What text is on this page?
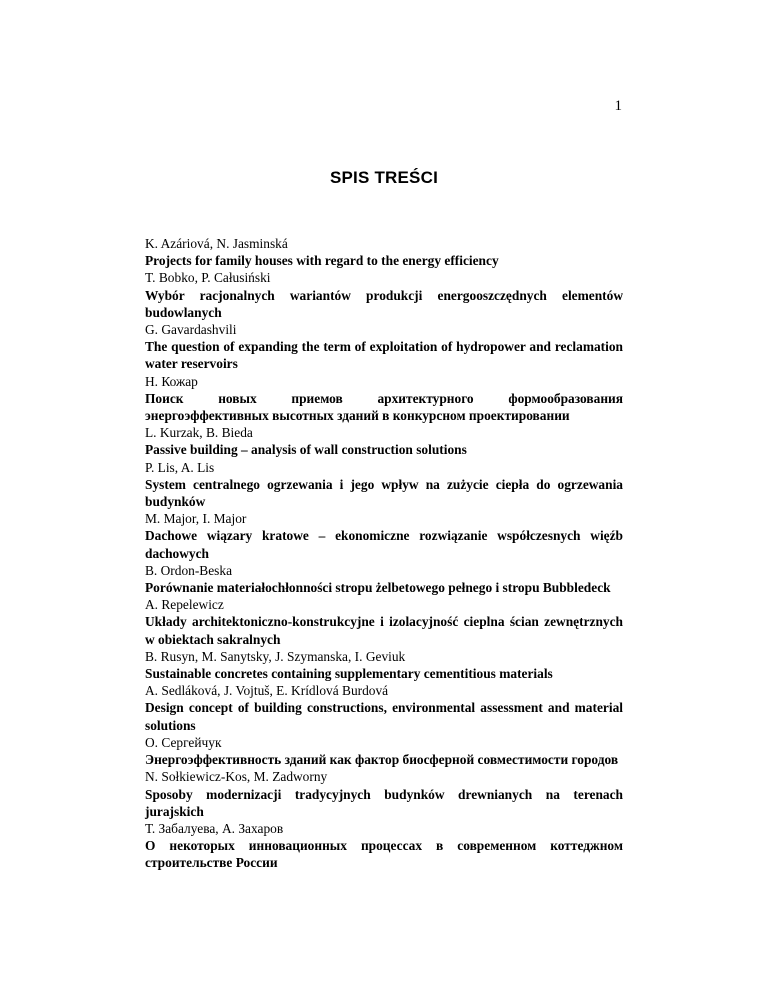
1
SPIS TREŚCI
K. Azáriová, N. Jasminská
Projects for family houses with regard to the energy efficiency
T. Bobko, P. Całusiński
Wybór racjonalnych wariantów produkcji energooszczędnych elementów budowlanych
G. Gavardashvili
The question of expanding the term of exploitation of hydropower and reclamation water reservoirs
Н. Кожар
Поиск новых приемов архитектурного формообразования энергоэффективных высотных зданий в конкурсном проектировании
L. Kurzak, B. Bieda
Passive building – analysis of wall construction solutions
P. Lis, A. Lis
System centralnego ogrzewania i jego wpływ na zużycie ciepła do ogrzewania budynków
M. Major, I. Major
Dachowe wiązary kratowe – ekonomiczne rozwiązanie współczesnych więźb dachowych
B. Ordon-Beska
Porównanie materiałochłonności stropu żelbetowego pełnego i stropu Bubbledeck
A. Repelewicz
Układy architektoniczno-konstrukcyjne i izolacyjność cieplna ścian zewnętrznych w obiektach sakralnych
B. Rusyn, M. Sanytsky, J. Szymanska, I. Geviuk
Sustainable concretes containing supplementary cementitious materials
A. Sedláková, J. Vojtuš, E. Krídlová Burdová
Design concept of building constructions, environmental assessment and material solutions
О. Сергейчук
Энергоэффективность зданий как фактор биосферной совместимости городов
N. Sołkiewicz-Kos, M. Zadworny
Sposoby modernizacji tradycyjnych budynków drewnianych na terenach jurajskich
Т. Забалуева, А. Захаров
О некоторых инновационных процессах в современном коттеджном строительстве России
